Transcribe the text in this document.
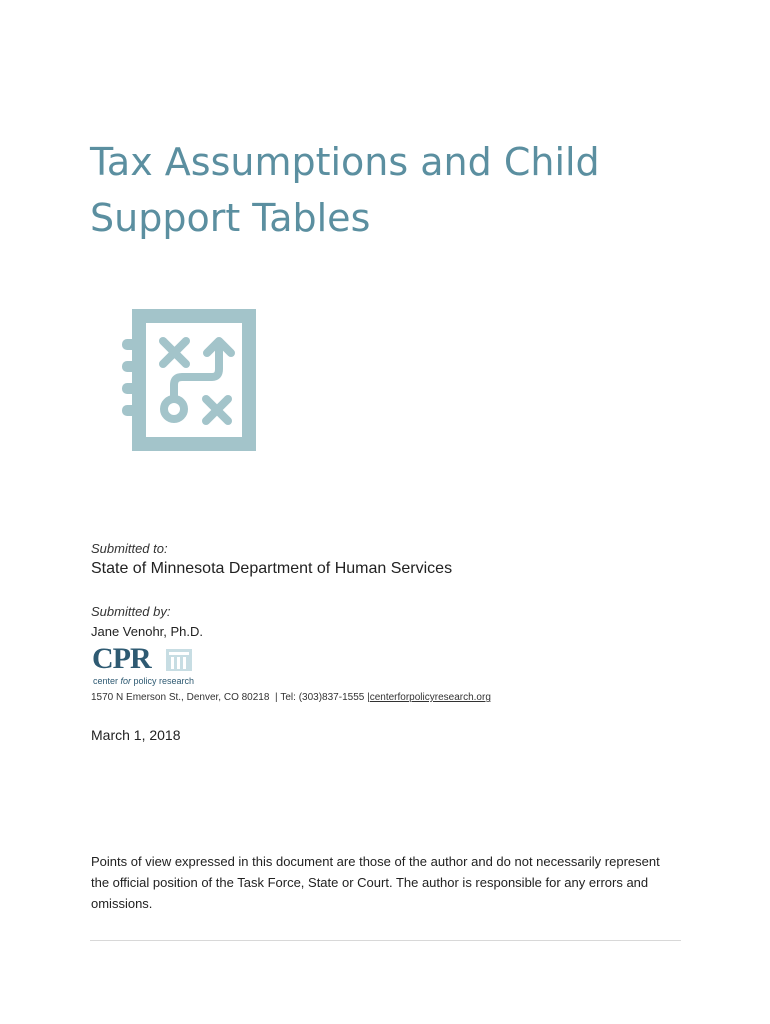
Tax Assumptions and Child
Support Tables
Submitted to:
State of Minnesota Department of Human Services
Submitted by:
Jane Venohr, Ph.D.
CPR
center for policy research
1570 N Emerson St., Denver, CO 80218  | Tel: (303)837-1555 |centerforpolicyresearch.org
March 1, 2018

Points of view expressed in this document are those of the author and do not necessarily represent the official position of the Task Force, State or Court. The author is responsible for any errors and omissions.
